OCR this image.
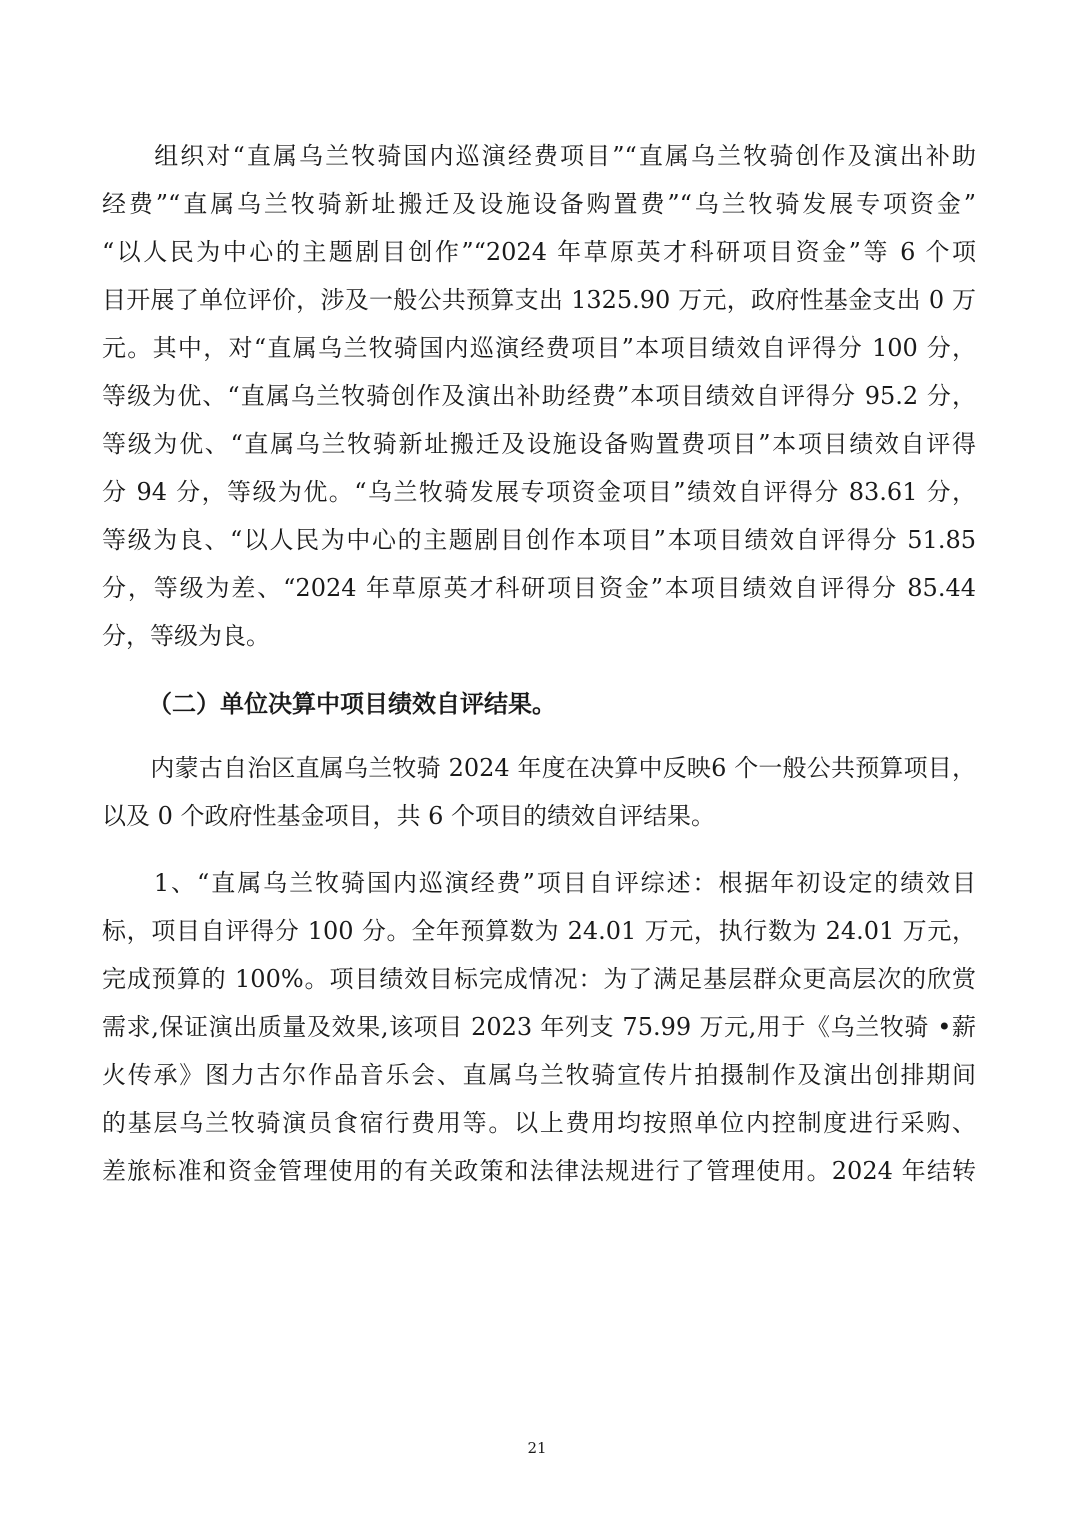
　　组织对“直属乌兰牧骑国内巡演经费项目”“直属乌兰牧骑创作及演出补助
经费”“直属乌兰牧骑新址搬迁及设施设备购置费”“乌兰牧骑发展专项资金”
“以人民为中心的主题剧目创作”“2024 年草原英才科研项目资金”等 6 个项
目开展了单位评价，涉及一般公共预算支出 1325.90 万元，政府性基金支出 0 万
元。其中，对“直属乌兰牧骑国内巡演经费项目”本项目绩效自评得分 100 分，
等级为优、“直属乌兰牧骑创作及演出补助经费”本项目绩效自评得分 95.2 分，
等级为优、“直属乌兰牧骑新址搬迁及设施设备购置费项目”本项目绩效自评得
分 94 分，等级为优。“乌兰牧骑发展专项资金项目”绩效自评得分 83.61 分，
等级为良、“以人民为中心的主题剧目创作本项目”本项目绩效自评得分 51.85
分，等级为差、“2024 年草原英才科研项目资金”本项目绩效自评得分 85.44
分，等级为良。
（二）单位决算中项目绩效自评结果。
　　内蒙古自治区直属乌兰牧骑 2024 年度在决算中反映6 个一般公共预算项目，
以及 0 个政府性基金项目，共 6 个项目的绩效自评结果。
　　1、“直属乌兰牧骑国内巡演经费”项目自评综述：根据年初设定的绩效目
标，项目自评得分 100 分。全年预算数为 24.01 万元，执行数为 24.01 万元，
完成预算的 100%。项目绩效目标完成情况：为了满足基层群众更高层次的欣赏
需求,保证演出质量及效果,该项目 2023 年列支 75.99 万元,用于《乌兰牧骑 •薪
火传承》图力古尔作品音乐会、直属乌兰牧骑宣传片拍摄制作及演出创排期间
的基层乌兰牧骑演员食宿行费用等。以上费用均按照单位内控制度进行采购、
差旅标准和资金管理使用的有关政策和法律法规进行了管理使用。2024 年结转
21
